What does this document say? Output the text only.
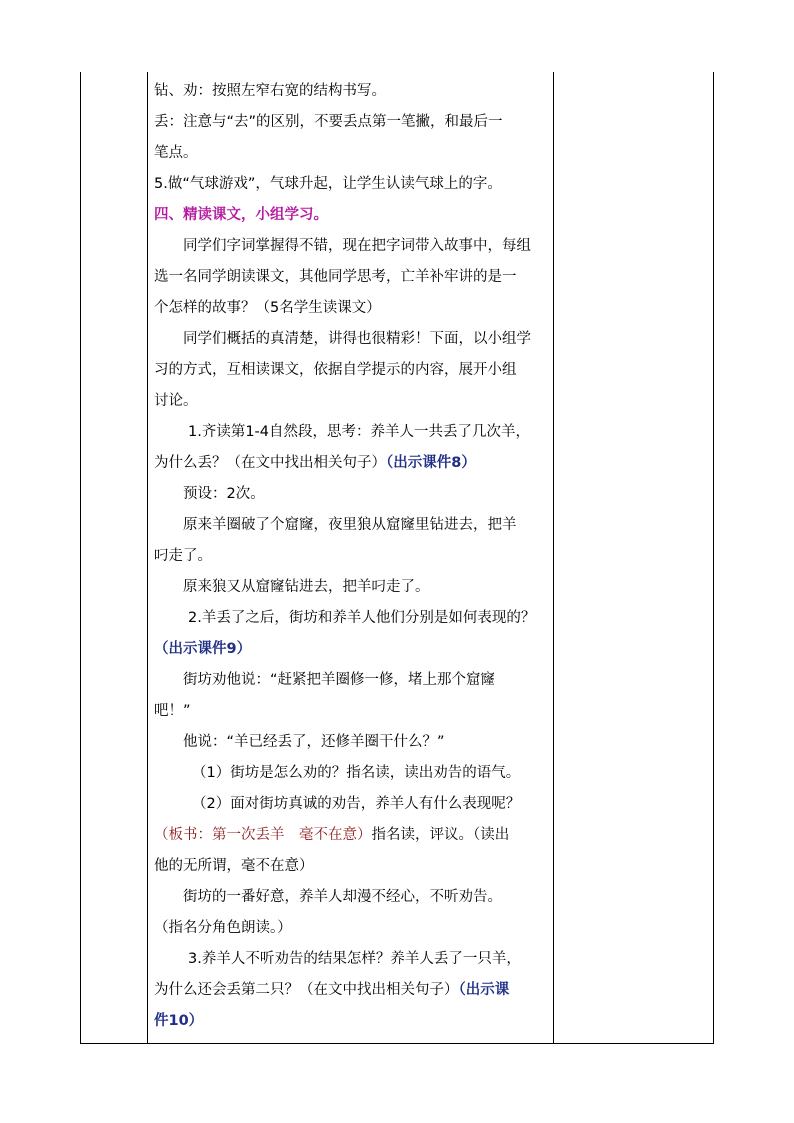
钻、劝：按照左窄右宽的结构书写。

丢：注意与“去”的区别，不要丢点第一笔撇，和最后一

笔点。

5.做“气球游戏”，气球升起，让学生认读气球上的字。

四、精读课文，小组学习。

同学们字词掌握得不错，现在把字词带入故事中，每组

选一名同学朗读课文，其他同学思考，亡羊补牢讲的是一

个怎样的故事？（5名学生读课文）

同学们概括的真清楚，讲得也很精彩！下面，以小组学

习的方式，互相读课文，依据自学提示的内容，展开小组

讨论。

1.齐读第1-4自然段，思考：养羊人一共丢了几次羊，

为什么丢？（在文中找出相关句子）（出示课件8）

预设：2次。

原来羊圈破了个窟窿，夜里狼从窟窿里钻进去，把羊

叼走了。

原来狼又从窟窿钻进去，把羊叼走了。

2.羊丢了之后，街坊和养羊人他们分别是如何表现的？

（出示课件9）

街坊劝他说：“赶紧把羊圈修一修，堵上那个窟窿

吧！”

他说：“羊已经丢了，还修羊圈干什么？”

（1）街坊是怎么劝的？指名读，读出劝告的语气。

（2）面对街坊真诚的劝告，养羊人有什么表现呢？

（板书：第一次丢羊　毫不在意）指名读，评议。（读出

他的无所谓，毫不在意）

街坊的一番好意，养羊人却漫不经心，不听劝告。

（指名分角色朗读。）

3.养羊人不听劝告的结果怎样？养羊人丢了一只羊，

为什么还会丢第二只？（在文中找出相关句子）（出示课

件10）
